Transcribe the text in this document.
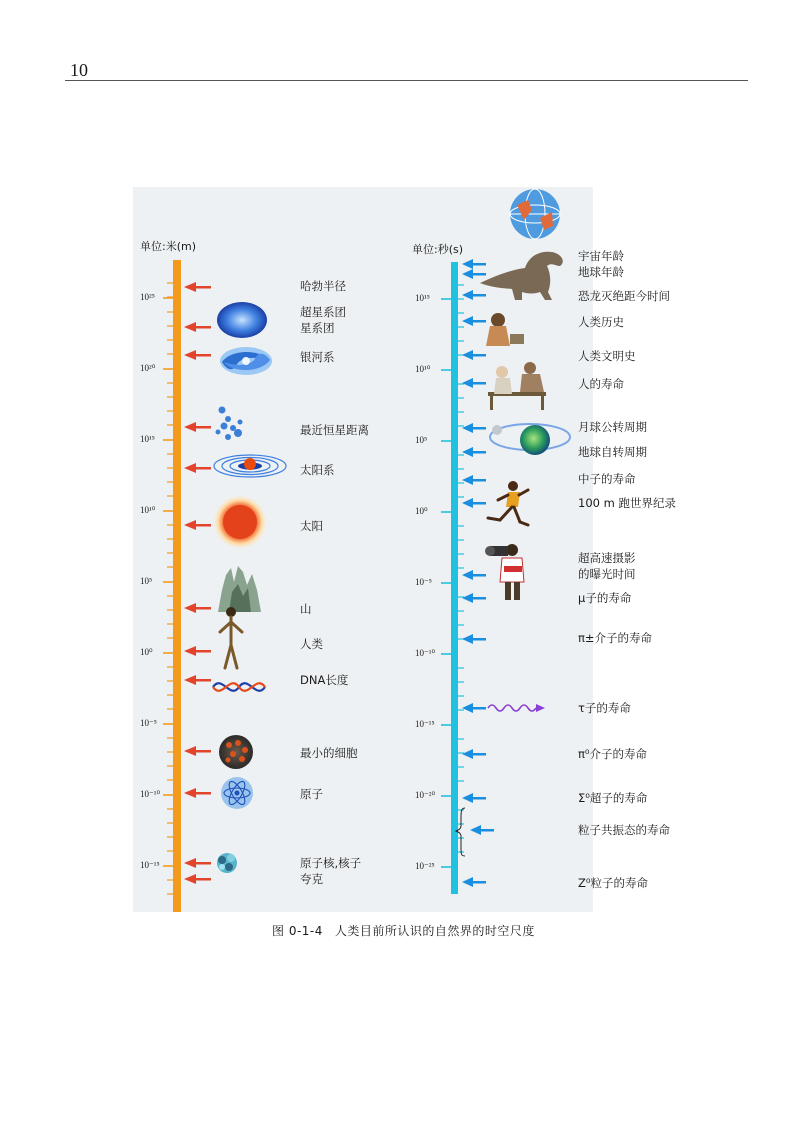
10
单位:米(m)	单位:秒(s)
10²⁵
10²⁰
10¹⁵
10¹⁰
10⁵
10⁰
10⁻⁵
10⁻¹⁰
10⁻¹⁵
10¹⁵
10¹⁰
10⁵
10⁰
10⁻⁵
10⁻¹⁰
10⁻¹⁵
10⁻²⁰
10⁻²⁵
哈勃半径
超星系团
星系团
银河系
最近恒星距离
太阳系
太阳
山
人类
DNA长度
最小的细胞
原子
原子核,核子
夸克
宇宙年龄
地球年龄
恐龙灭绝距今时间
人类历史
人类文明史
人的寿命
月球公转周期
地球自转周期
中子的寿命
100 m 跑世界纪录
超高速摄影
的曝光时间
μ子的寿命
π±介子的寿命
τ子的寿命
π⁰介子的寿命
Σ⁰超子的寿命
粒子共振态的寿命
Z⁰粒子的寿命
图 0-1-4 人类目前所认识的自然界的时空尺度
